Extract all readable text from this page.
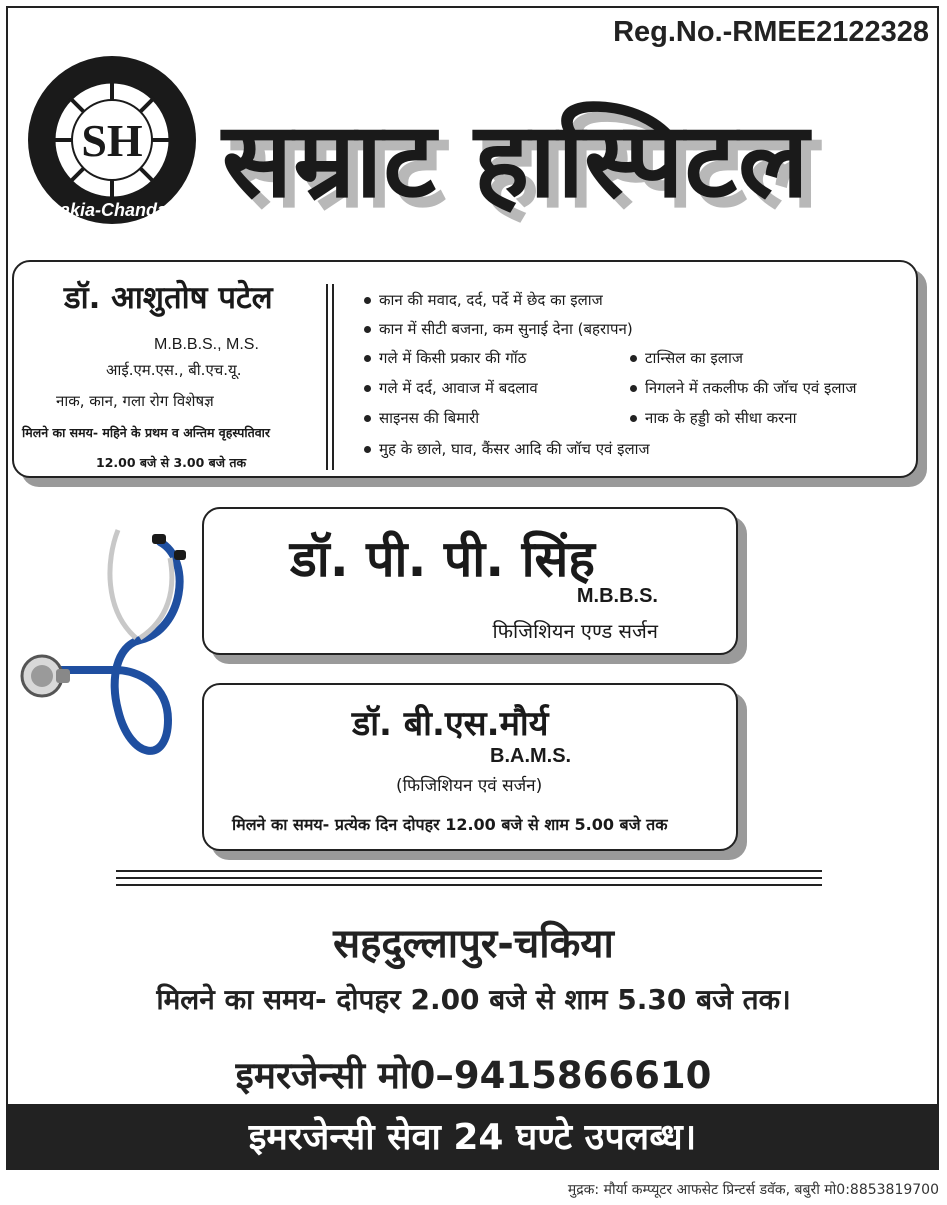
Reg.No.-RMEE2122328
SH
Chakia-Chandauli सम्राट हास्पिटल
डॉ. आशुतोष पटेल
M.B.B.S., M.S.
आई.एम.एस., बी.एच.यू.
नाक, कान, गला रोग विशेषज्ञ
मिलने का समय- महिने के प्रथम व अन्तिम वृहस्पतिवार
12.00 बजे से 3.00 बजे तक
कान की मवाद, दर्द, पर्दे में छेद का इलाज
कान में सीटी बजना, कम सुनाई देना (बहरापन)
गले में किसी प्रकार की गॉठ	टान्सिल का इलाज
गले में दर्द, आवाज में बदलाव	निगलने में तकलीफ की जॉच एवं इलाज
साइनस की बिमारी	नाक के हड्डी को सीधा करना
मुह के छाले, घाव, कैंसर आदि की जॉच एवं इलाज
डॉ. पी. पी. सिंह
M.B.B.S.
फिजिशियन एण्ड सर्जन
डॉ. बी.एस.मौर्य
B.A.M.S.
(फिजिशियन एवं सर्जन)
मिलने का समय- प्रत्येक दिन दोपहर 12.00 बजे से शाम 5.00 बजे तक
सहदुल्लापुर-चकिया
मिलने का समय- दोपहर 2.00 बजे से शाम 5.30 बजे तक।
इमरजेन्सी मो0–9415866610
इमरजेन्सी सेवा 24 घण्टे उपलब्ध।
मुद्रक: मौर्या कम्प्यूटर आफसेट प्रिन्टर्स डवॅक, बबुरी मो0:8853819700
